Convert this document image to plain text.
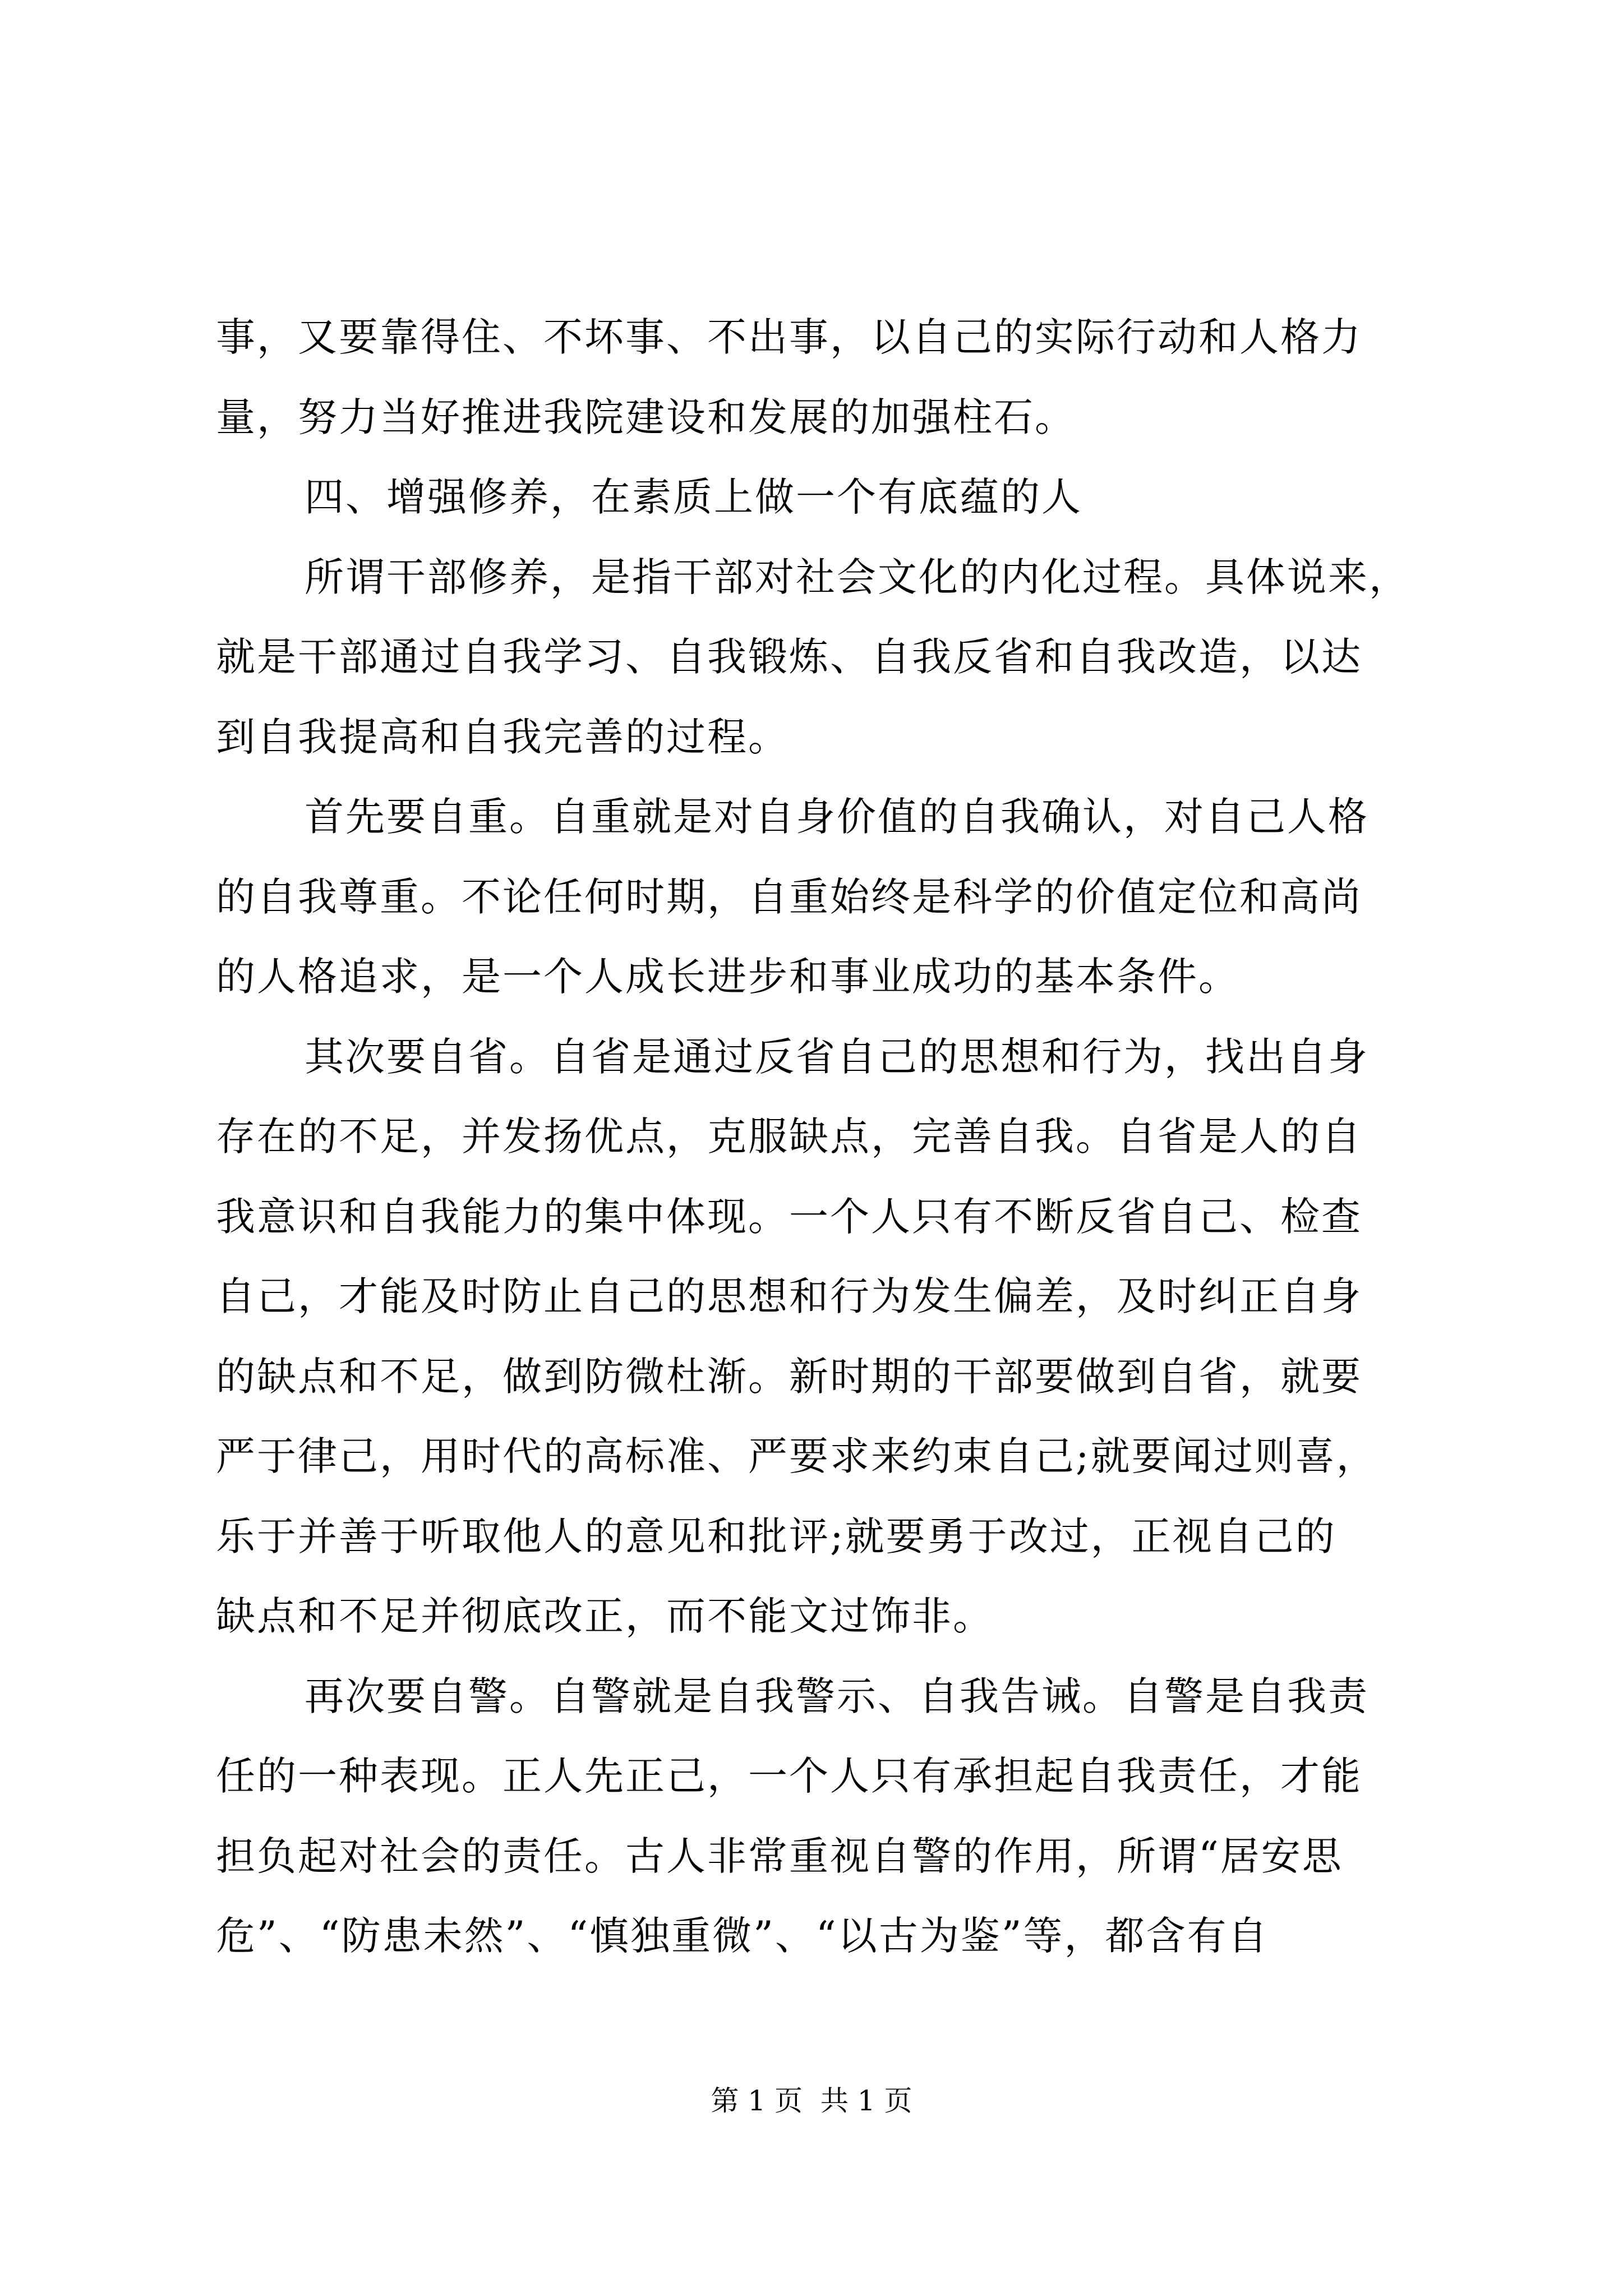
事，又要靠得住、不坏事、不出事，以自己的实际行动和人格力
量，努力当好推进我院建设和发展的加强柱石。
四、增强修养，在素质上做一个有底蕴的人
所谓干部修养，是指干部对社会文化的内化过程。具体说来，
就是干部通过自我学习、自我锻炼、自我反省和自我改造，以达
到自我提高和自我完善的过程。
首先要自重。自重就是对自身价值的自我确认，对自己人格
的自我尊重。不论任何时期，自重始终是科学的价值定位和高尚
的人格追求，是一个人成长进步和事业成功的基本条件。
其次要自省。自省是通过反省自己的思想和行为，找出自身
存在的不足，并发扬优点，克服缺点，完善自我。自省是人的自
我意识和自我能力的集中体现。一个人只有不断反省自己、检查
自己，才能及时防止自己的思想和行为发生偏差，及时纠正自身
的缺点和不足，做到防微杜渐。新时期的干部要做到自省，就要
严于律己，用时代的高标准、严要求来约束自己;就要闻过则喜，
乐于并善于听取他人的意见和批评;就要勇于改过，正视自己的
缺点和不足并彻底改正，而不能文过饰非。
再次要自警。自警就是自我警示、自我告诫。自警是自我责
任的一种表现。正人先正己，一个人只有承担起自我责任，才能
担负起对社会的责任。古人非常重视自警的作用，所谓“居安思
危”、“防患未然”、“慎独重微”、“以古为鉴”等，都含有自
第 1 页  共 1 页
